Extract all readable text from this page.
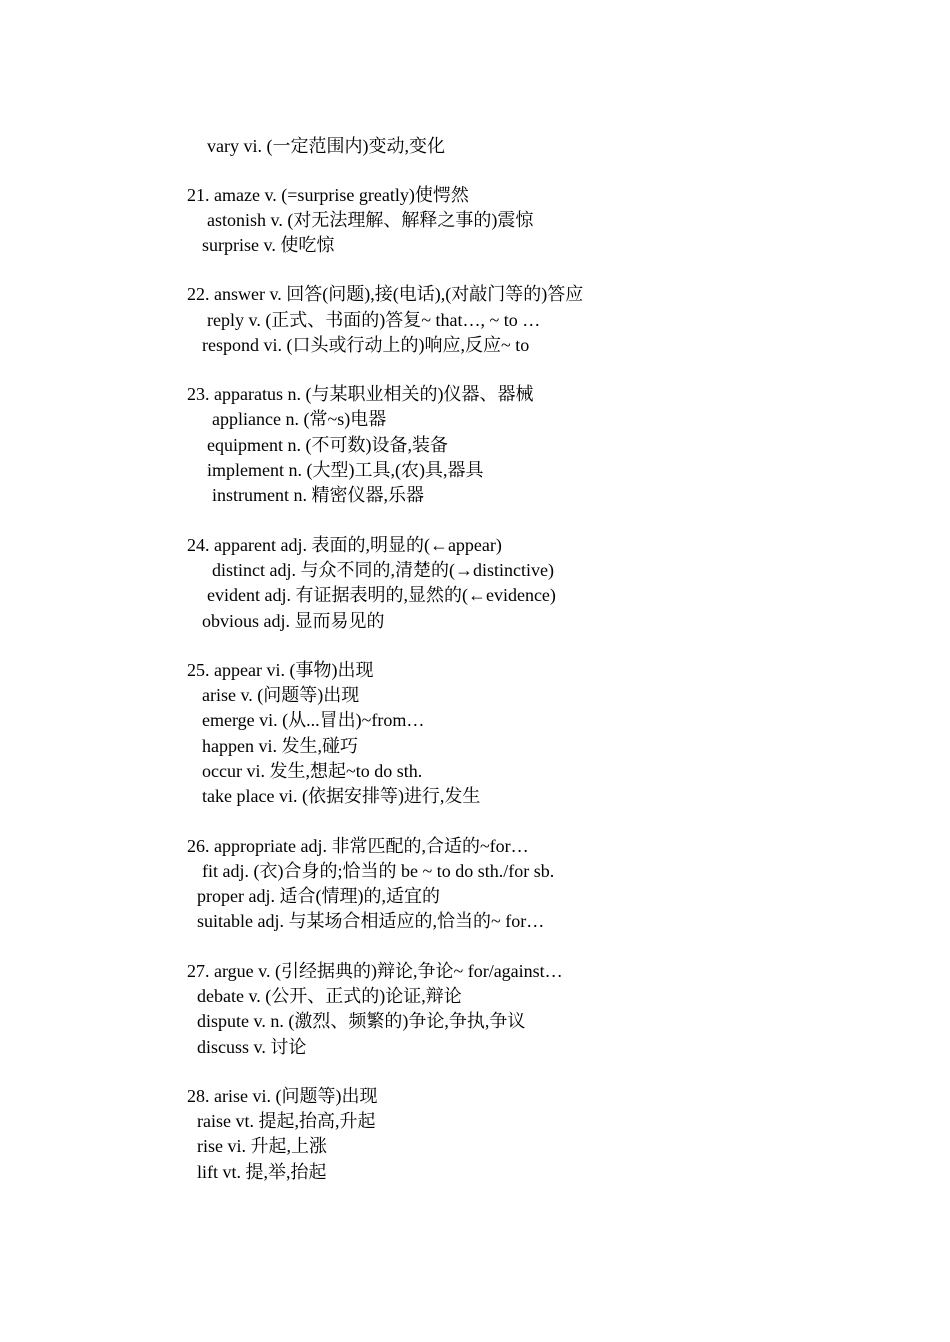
vary vi. (一定范围内)变动,变化
21. amaze v. (=surprise greatly)使愕然
astonish v. (对无法理解、解释之事的)震惊
surprise v. 使吃惊
22. answer v. 回答(问题),接(电话),(对敲门等的)答应
reply v. (正式、书面的)答复~ that…, ~ to …
respond vi. (口头或行动上的)响应,反应~ to
23. apparatus n. (与某职业相关的)仪器、器械
appliance n. (常~s)电器
equipment n. (不可数)设备,装备
implement n. (大型)工具,(农)具,器具
instrument n. 精密仪器,乐器
24. apparent adj. 表面的,明显的(←appear)
distinct adj. 与众不同的,清楚的(→distinctive)
evident adj. 有证据表明的,显然的(←evidence)
obvious adj. 显而易见的
25. appear vi. (事物)出现
arise v. (问题等)出现
emerge vi. (从...冒出)~from…
happen vi. 发生,碰巧
occur vi. 发生,想起~to do sth.
take place vi. (依据安排等)进行,发生
26. appropriate adj. 非常匹配的,合适的~for…
fit adj. (衣)合身的;恰当的 be ~ to do sth./for sb.
proper adj. 适合(情理)的,适宜的
suitable adj. 与某场合相适应的,恰当的~ for…
27. argue v. (引经据典的)辩论,争论~ for/against…
debate v. (公开、正式的)论证,辩论
dispute v. n. (激烈、频繁的)争论,争执,争议
discuss v. 讨论
28. arise vi. (问题等)出现
raise vt. 提起,抬高,升起
rise vi. 升起,上涨
lift vt. 提,举,抬起
